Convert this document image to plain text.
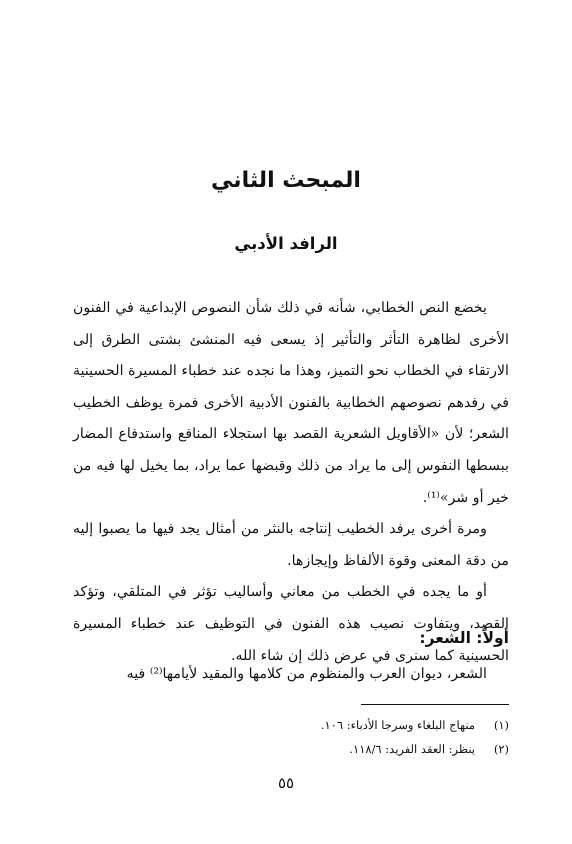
المبحث الثاني
الرافد الأدبي

يخضع النص الخطابي، شأنه في ذلك شأن النصوص الإبداعية في الفنون الأخرى لظاهرة التأثر والتأثير إذ يسعى فيه المنشئ بشتى الطرق إلى الارتقاء في الخطاب نحو التميز، وهذا ما نجده عند خطباء المسيرة الحسينية في رفدهم نصوصهم الخطابية بالفنون الأدبية الأخرى فمرة يوظف الخطيب الشعر؛ لأن «الأقاويل الشعرية القصد بها استجلاء المنافع واستدفاع المضار ببسطها النفوس إلى ما يراد من ذلك وقبضها عما يراد، بما يخيل لها فيه من خير أو شر»⁽¹⁾.

ومرة أخرى يرفد الخطيب إنتاجه بالنثر من أمثال يجد فيها ما يصبوا إليه من دقة المعنى وقوة الألفاظ وإيجازها.

أو ما يجده في الخطب من معاني وأساليب تؤثر في المتلقي، وتؤكد القصد، ويتفاوت نصيب هذه الفنون في التوظيف عند خطباء المسيرة الحسينية كما سنرى في عرض ذلك إن شاء الله.

أولاً: الشعر:

الشعر، ديوان العرب والمنظوم من كلامها والمقيد لأيامها⁽²⁾ فيه

(١)
منهاج البلغاء وسرجا الأدباء: ١٠٦.
(٢)
ينظر: العقد الفريد: ١١٨/٦.
٥٥
